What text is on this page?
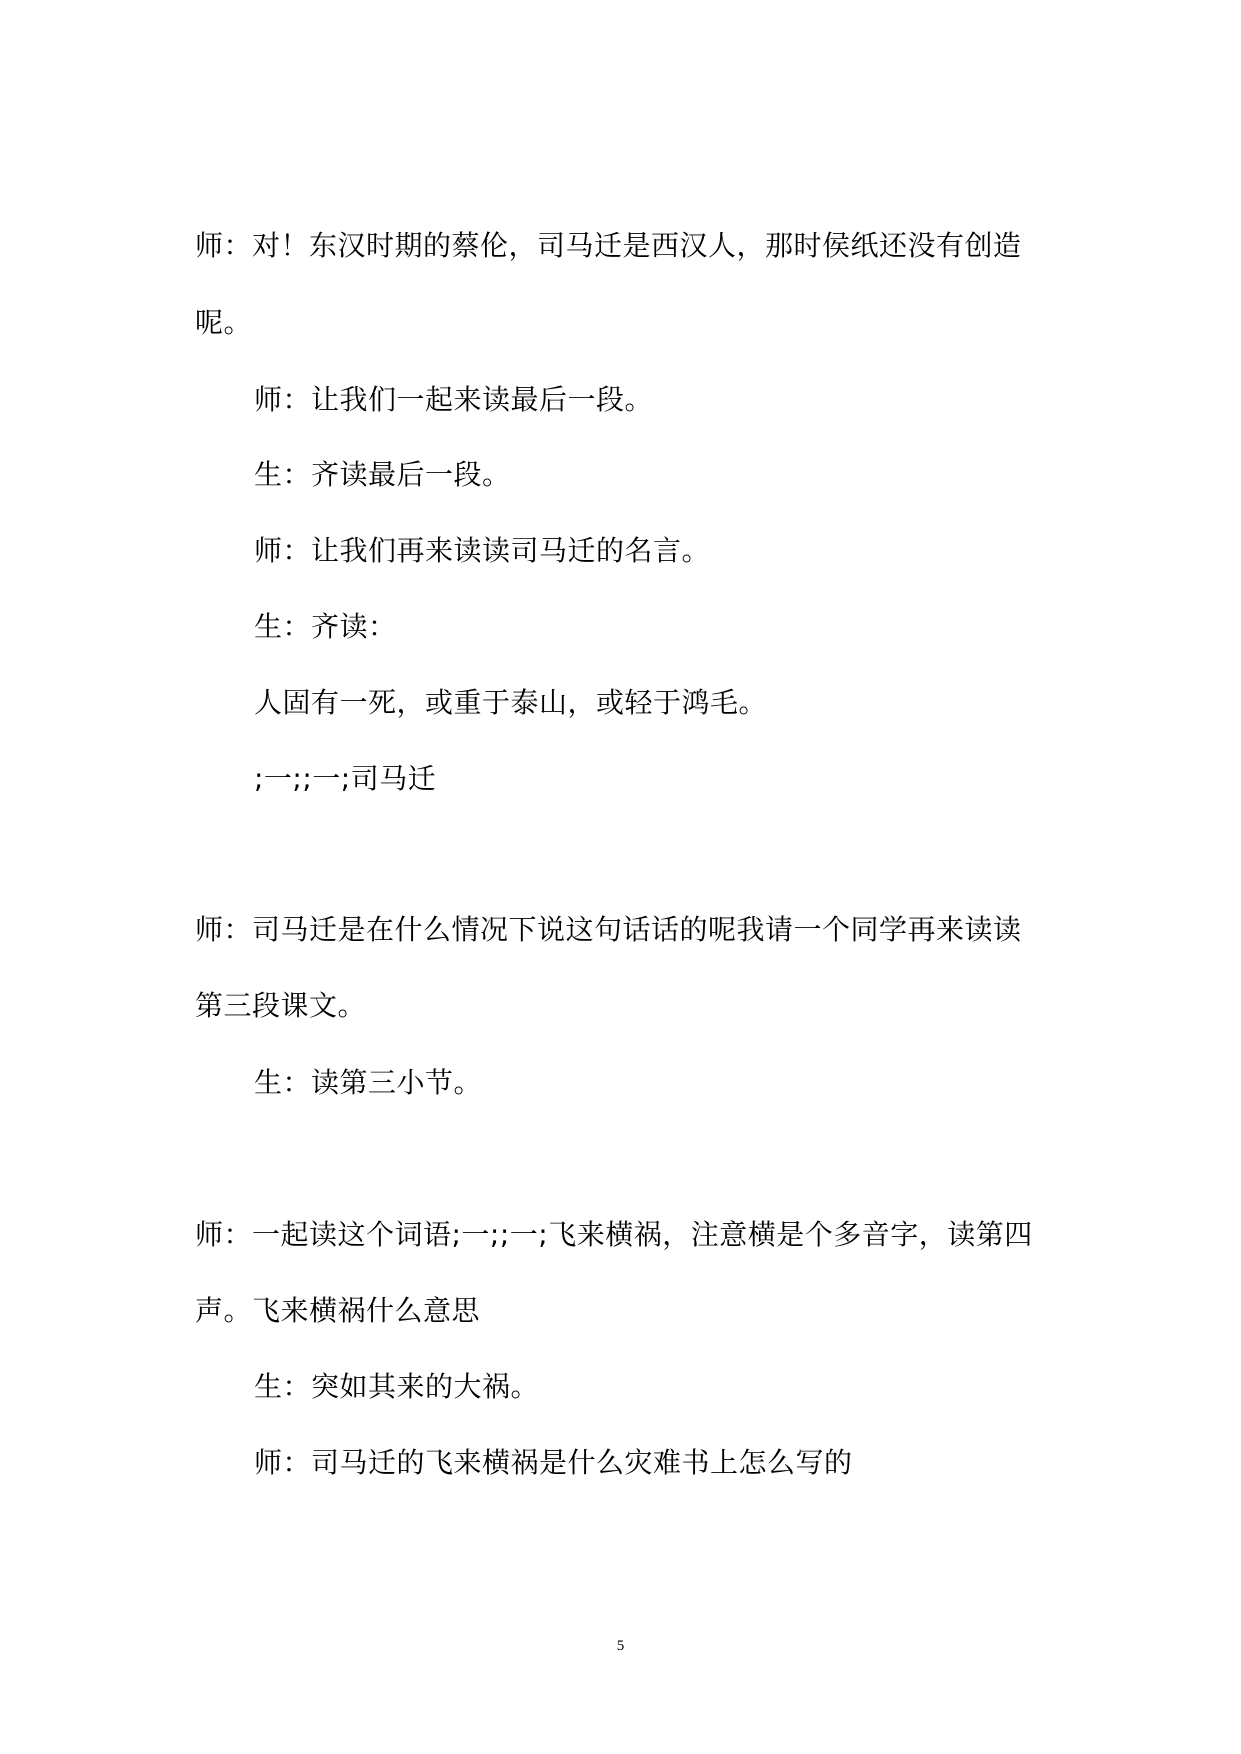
师：对！东汉时期的蔡伦，司马迁是西汉人，那时侯纸还没有创造

呢。

师：让我们一起来读最后一段。

生：齐读最后一段。

师：让我们再来读读司马迁的名言。

生：齐读：

人固有一死，或重于泰山，或轻于鸿毛。

;一;;一;司马迁

师：司马迁是在什么情况下说这句话话的呢我请一个同学再来读读

第三段课文。

生：读第三小节。

师：一起读这个词语;一;;一;飞来横祸，注意横是个多音字，读第四

声。飞来横祸什么意思

生：突如其来的大祸。

师：司马迁的飞来横祸是什么灾难书上怎么写的

5
